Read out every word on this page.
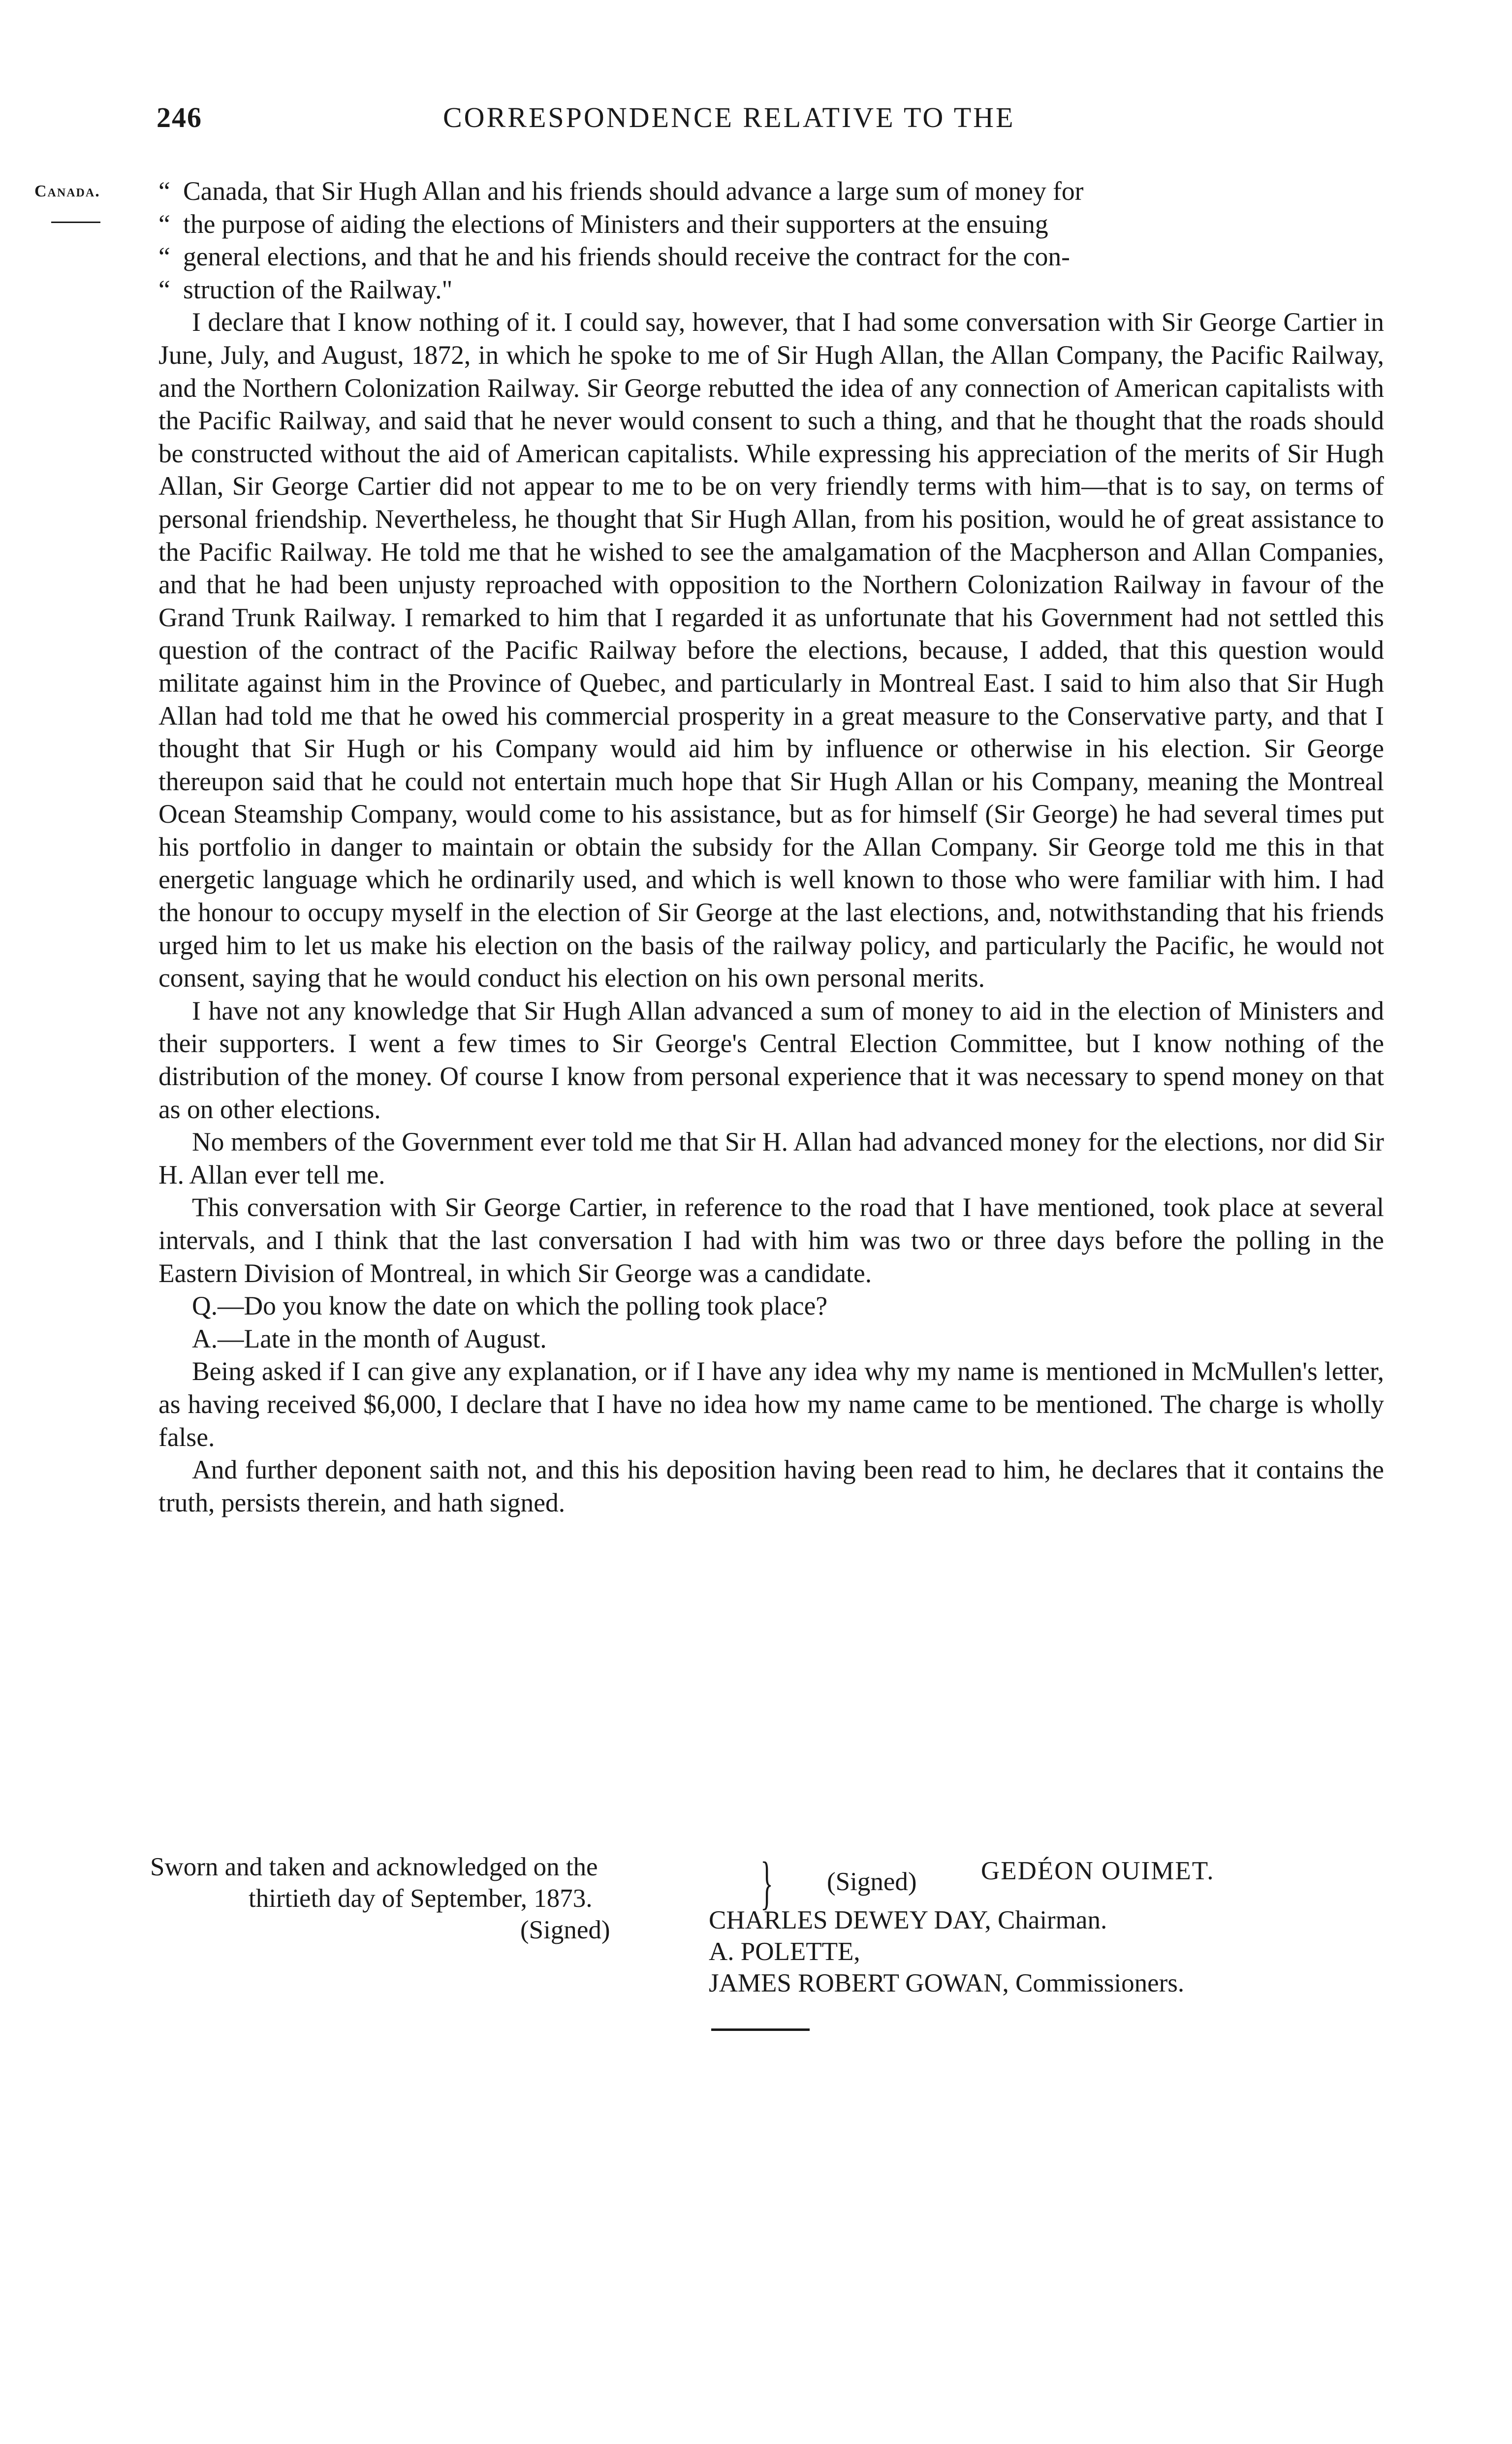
246	CORRESPONDENCE RELATIVE TO THE
Canada. “ Canada, that Sir Hugh Allan and his friends should advance a large sum of money for
“ the purpose of aiding the elections of Ministers and their supporters at the ensuing
“ general elections, and that he and his friends should receive the contract for the con-
“ struction of the Railway."

I declare that I know nothing of it. I could say, however, that I had some conversation with Sir George Cartier in June, July, and August, 1872, in which he spoke to me of Sir Hugh Allan, the Allan Company, the Pacific Railway, and the Northern Colonization Railway. Sir George rebutted the idea of any connection of American capitalists with the Pacific Railway, and said that he never would consent to such a thing, and that he thought that the roads should be constructed without the aid of American capitalists. While expressing his appreciation of the merits of Sir Hugh Allan, Sir George Cartier did not appear to me to be on very friendly terms with him—that is to say, on terms of personal friendship. Nevertheless, he thought that Sir Hugh Allan, from his position, would he of great assistance to the Pacific Railway. He told me that he wished to see the amalgamation of the Macpherson and Allan Companies, and that he had been unjusty reproached with opposition to the Northern Colonization Railway in favour of the Grand Trunk Railway. I remarked to him that I regarded it as unfortunate that his Government had not settled this question of the contract of the Pacific Railway before the elections, because, I added, that this question would militate against him in the Province of Quebec, and particularly in Montreal East. I said to him also that Sir Hugh Allan had told me that he owed his commercial prosperity in a great measure to the Conservative party, and that I thought that Sir Hugh or his Company would aid him by influence or otherwise in his election. Sir George thereupon said that he could not entertain much hope that Sir Hugh Allan or his Company, meaning the Montreal Ocean Steamship Company, would come to his assistance, but as for himself (Sir George) he had several times put his portfolio in danger to maintain or obtain the subsidy for the Allan Company. Sir George told me this in that energetic language which he ordinarily used, and which is well known to those who were familiar with him. I had the honour to occupy myself in the election of Sir George at the last elections, and, notwithstanding that his friends urged him to let us make his election on the basis of the railway policy, and particularly the Pacific, he would not consent, saying that he would conduct his election on his own personal merits.

I have not any knowledge that Sir Hugh Allan advanced a sum of money to aid in the election of Ministers and their supporters. I went a few times to Sir George's Central Election Committee, but I know nothing of the distribution of the money. Of course I know from personal experience that it was necessary to spend money on that as on other elections.

No members of the Government ever told me that Sir H. Allan had advanced money for the elections, nor did Sir H. Allan ever tell me.

This conversation with Sir George Cartier, in reference to the road that I have mentioned, took place at several intervals, and I think that the last conversation I had with him was two or three days before the polling in the Eastern Division of Montreal, in which Sir George was a candidate.

Q.—Do you know the date on which the polling took place?

A.—Late in the month of August.

Being asked if I can give any explanation, or if I have any idea why my name is mentioned in McMullen's letter, as having received $6,000, I declare that I have no idea how my name came to be mentioned. The charge is wholly false.

And further deponent saith not, and this his deposition having been read to him, he declares that it contains the truth, persists therein, and hath signed.

Sworn and taken and acknowledged on the
thirtieth day of September, 1873.	} (Signed) GEDÉON OUIMET.
(Signed)	CHARLES DEWEY DAY, Chairman.
A. POLETTE,
JAMES ROBERT GOWAN, Commissioners.
